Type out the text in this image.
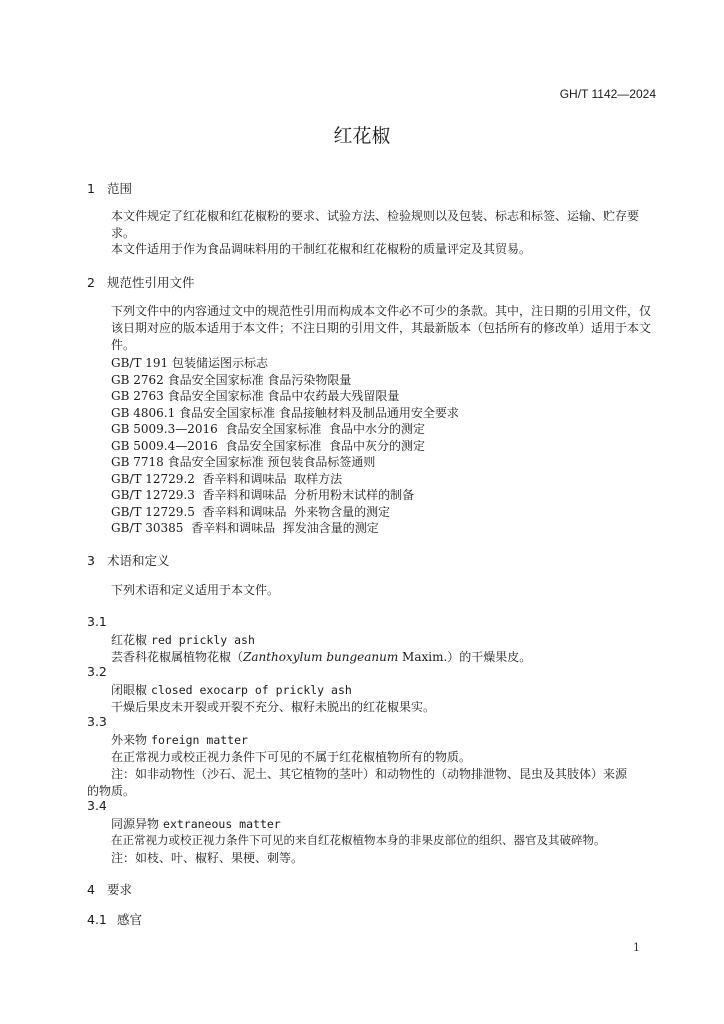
GH/T 1142—2024
红花椒
1 范围
本文件规定了红花椒和红花椒粉的要求、试验方法、检验规则以及包装、标志和标签、运输、贮存要求。
本文件适用于作为食品调味料用的干制红花椒和红花椒粉的质量评定及其贸易。
2 规范性引用文件
下列文件中的内容通过文中的规范性引用而构成本文件必不可少的条款。其中，注日期的引用文件，仅该日期对应的版本适用于本文件；不注日期的引用文件，其最新版本（包括所有的修改单）适用于本文件。
GB/T 191 包装储运图示标志
GB 2762 食品安全国家标准 食品污染物限量
GB 2763 食品安全国家标准 食品中农药最大残留限量
GB 4806.1 食品安全国家标准 食品接触材料及制品通用安全要求
GB 5009.3—2016  食品安全国家标准  食品中水分的测定
GB 5009.4—2016  食品安全国家标准  食品中灰分的测定
GB 7718 食品安全国家标准 预包装食品标签通则
GB/T 12729.2  香辛料和调味品  取样方法
GB/T 12729.3  香辛料和调味品  分析用粉末试样的制备
GB/T 12729.5  香辛料和调味品  外来物含量的测定
GB/T 30385  香辛料和调味品  挥发油含量的测定
3 术语和定义
下列术语和定义适用于本文件。
3.1
红花椒 red prickly ash
芸香科花椒属植物花椒（Zanthoxylum bungeanum Maxim.）的干燥果皮。
3.2
闭眼椒 closed exocarp of prickly ash
干燥后果皮未开裂或开裂不充分、椒籽未脱出的红花椒果实。
3.3
外来物 foreign matter
在正常视力或校正视力条件下可见的不属于红花椒植物所有的物质。
注：如非动物性（沙石、泥土、其它植物的茎叶）和动物性的（动物排泄物、昆虫及其肢体）来源
的物质。
3.4
同源异物 extraneous matter
在正常视力或校正视力条件下可见的来自红花椒植物本身的非果皮部位的组织、器官及其破碎物。
注：如枝、叶、椒籽、果梗、刺等。
4 要求
4.1 感官
1
